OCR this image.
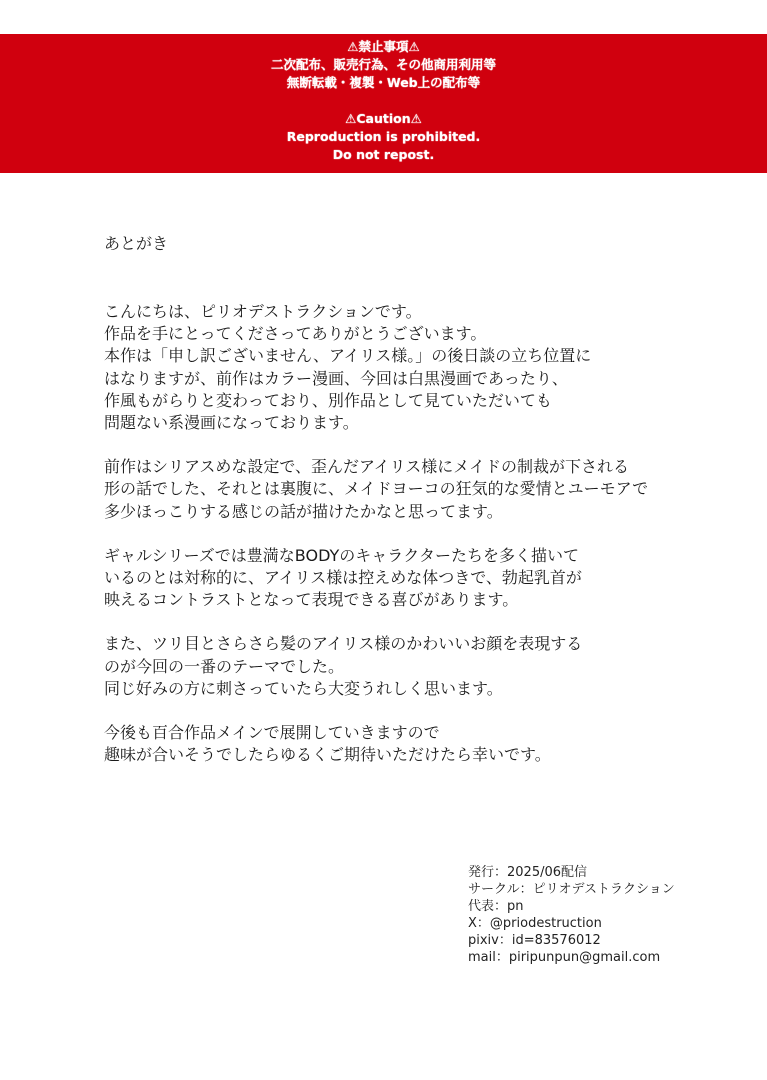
⚠禁止事項⚠
二次配布、販売行為、その他商用利用等
無断転載・複製・Web上の配布等
⚠Caution⚠
Reproduction is prohibited.
Do not repost.
あとがき

こんにちは、ピリオデストラクションです。
作品を手にとってくださってありがとうございます。
本作は「申し訳ございません、アイリス様。」の後日談の立ち位置に
はなりますが、前作はカラー漫画、今回は白黒漫画であったり、
作風もがらりと変わっており、別作品として見ていただいても
問題ない系漫画になっております。

前作はシリアスめな設定で、歪んだアイリス様にメイドの制裁が下される
形の話でした、それとは裏腹に、メイドヨーコの狂気的な愛情とユーモアで
多少ほっこりする感じの話が描けたかなと思ってます。

ギャルシリーズでは豊満なBODYのキャラクターたちを多く描いて
いるのとは対称的に、アイリス様は控えめな体つきで、勃起乳首が
映えるコントラストとなって表現できる喜びがあります。

また、ツリ目とさらさら髪のアイリス様のかわいいお顔を表現する
のが今回の一番のテーマでした。
同じ好みの方に刺さっていたら大変うれしく思います。

今後も百合作品メインで展開していきますので
趣味が合いそうでしたらゆるくご期待いただけたら幸いです。

発行：2025/06配信
サークル：ピリオデストラクション
代表：pn
X：@priodestruction
pixiv：id=83576012
mail：piripunpun@gmail.com
